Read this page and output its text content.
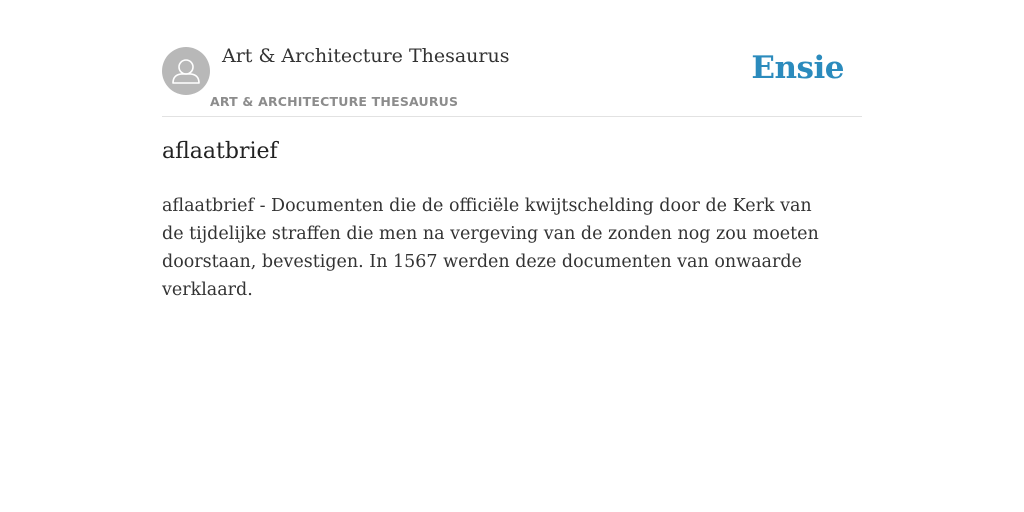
Art & Architecture Thesaurus
ART & ARCHITECTURE THESAURUS
Ensie
aflaatbrief

aflaatbrief - Documenten die de officiële kwijtschelding door de Kerk van de tijdelijke straffen die men na vergeving van de zonden nog zou moeten doorstaan, bevestigen. In 1567 werden deze documenten van onwaarde verklaard.
